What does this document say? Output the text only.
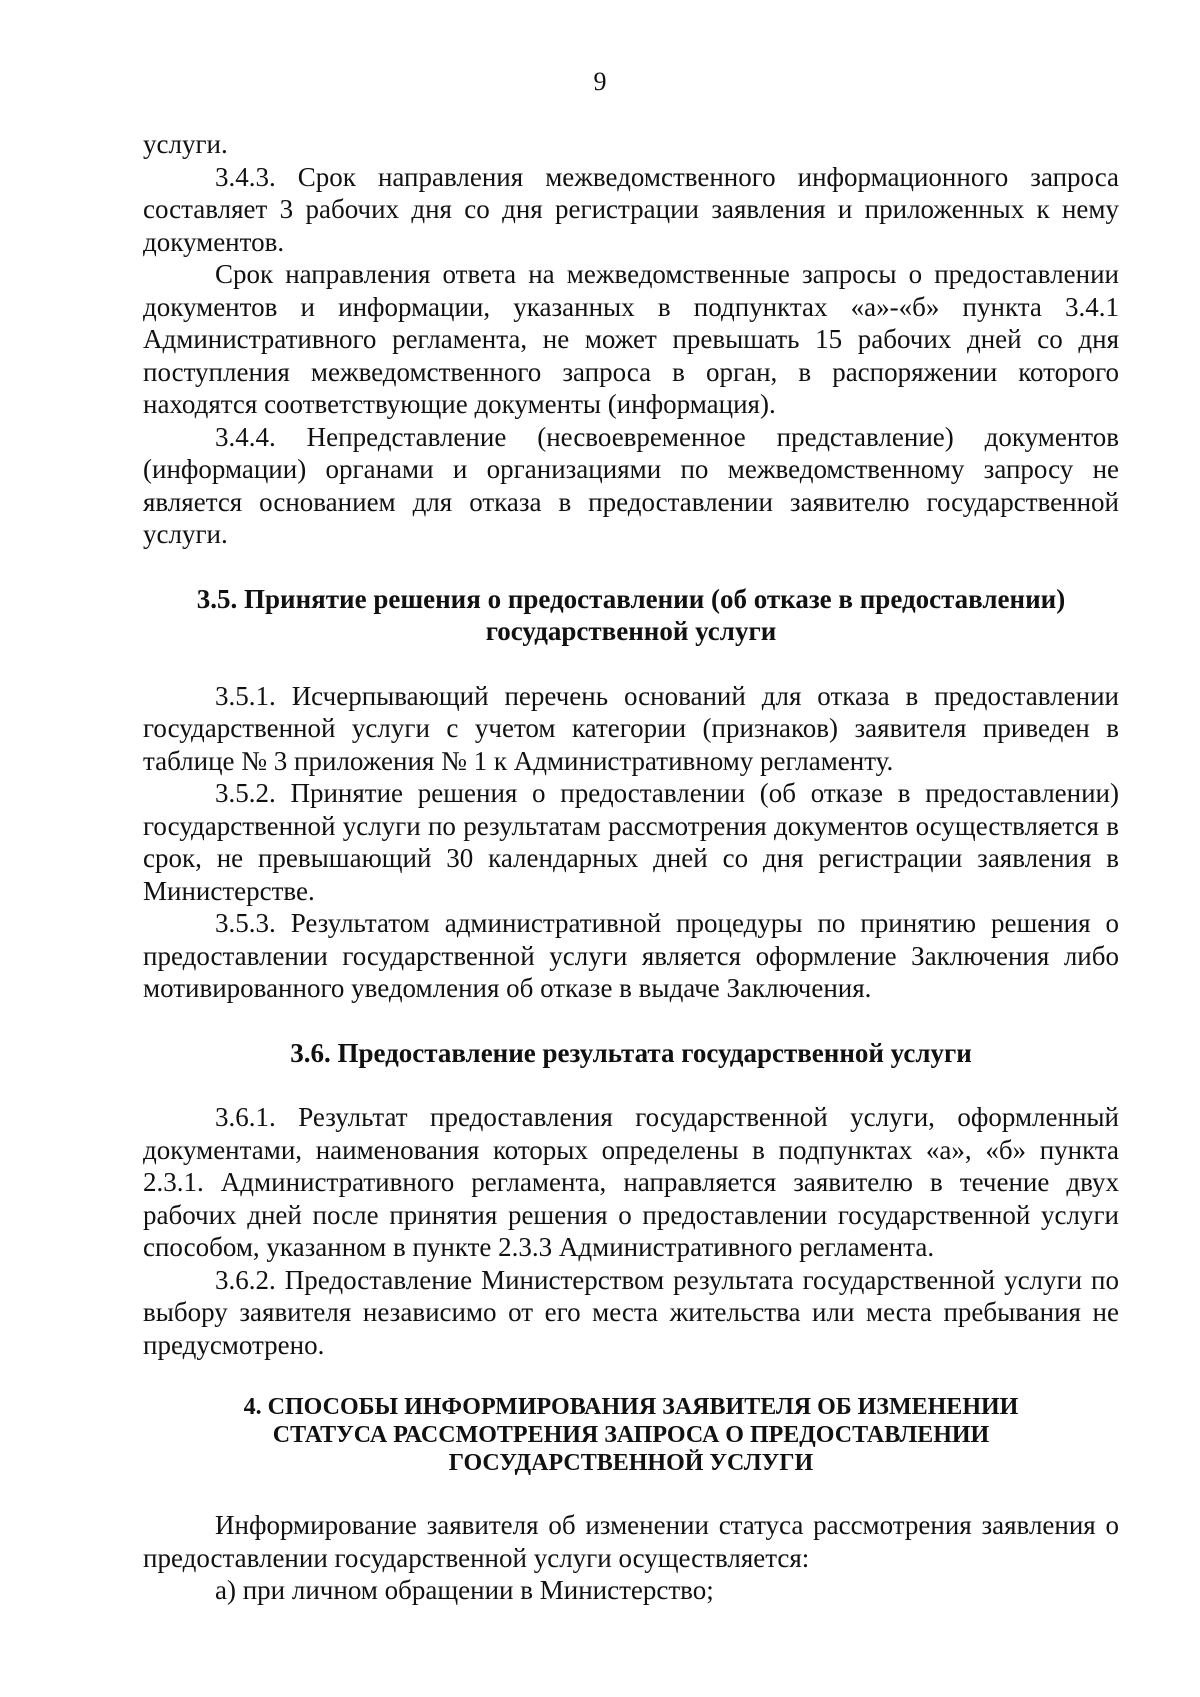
9

услуги.

3.4.3. Срок направления межведомственного информационного запроса составляет 3 рабочих дня со дня регистрации заявления и приложенных к нему документов.

Срок направления ответа на межведомственные запросы о предоставлении документов и информации, указанных в подпунктах «а»-«б» пункта 3.4.1 Административного регламента, не может превышать 15 рабочих дней со дня поступления межведомственного запроса в орган, в распоряжении которого находятся соответствующие документы (информация).

3.4.4. Непредставление (несвоевременное представление) документов (информации) органами и организациями по межведомственному запросу не является основанием для отказа в предоставлении заявителю государственной услуги.

3.5. Принятие решения о предоставлении (об отказе в предоставлении) государственной услуги

3.5.1. Исчерпывающий перечень оснований для отказа в предоставлении государственной услуги с учетом категории (признаков) заявителя приведен в таблице № 3 приложения № 1 к Административному регламенту.

3.5.2. Принятие решения о предоставлении (об отказе в предоставлении) государственной услуги по результатам рассмотрения документов осуществляется в срок, не превышающий 30 календарных дней со дня регистрации заявления в Министерстве.

3.5.3. Результатом административной процедуры по принятию решения о предоставлении государственной услуги является оформление Заключения либо мотивированного уведомления об отказе в выдаче Заключения.

3.6. Предоставление результата государственной услуги

3.6.1. Результат предоставления государственной услуги, оформленный документами, наименования которых определены в подпунктах «а», «б» пункта 2.3.1. Административного регламента, направляется заявителю в течение двух рабочих дней после принятия решения о предоставлении государственной услуги способом, указанном в пункте 2.3.3 Административного регламента.

3.6.2. Предоставление Министерством результата государственной услуги по выбору заявителя независимо от его места жительства или места пребывания не предусмотрено.

4. СПОСОБЫ ИНФОРМИРОВАНИЯ ЗАЯВИТЕЛЯ ОБ ИЗМЕНЕНИИ СТАТУСА РАССМОТРЕНИЯ ЗАПРОСА О ПРЕДОСТАВЛЕНИИ ГОСУДАРСТВЕННОЙ УСЛУГИ

Информирование заявителя об изменении статуса рассмотрения заявления о предоставлении государственной услуги осуществляется:

а) при личном обращении в Министерство;
